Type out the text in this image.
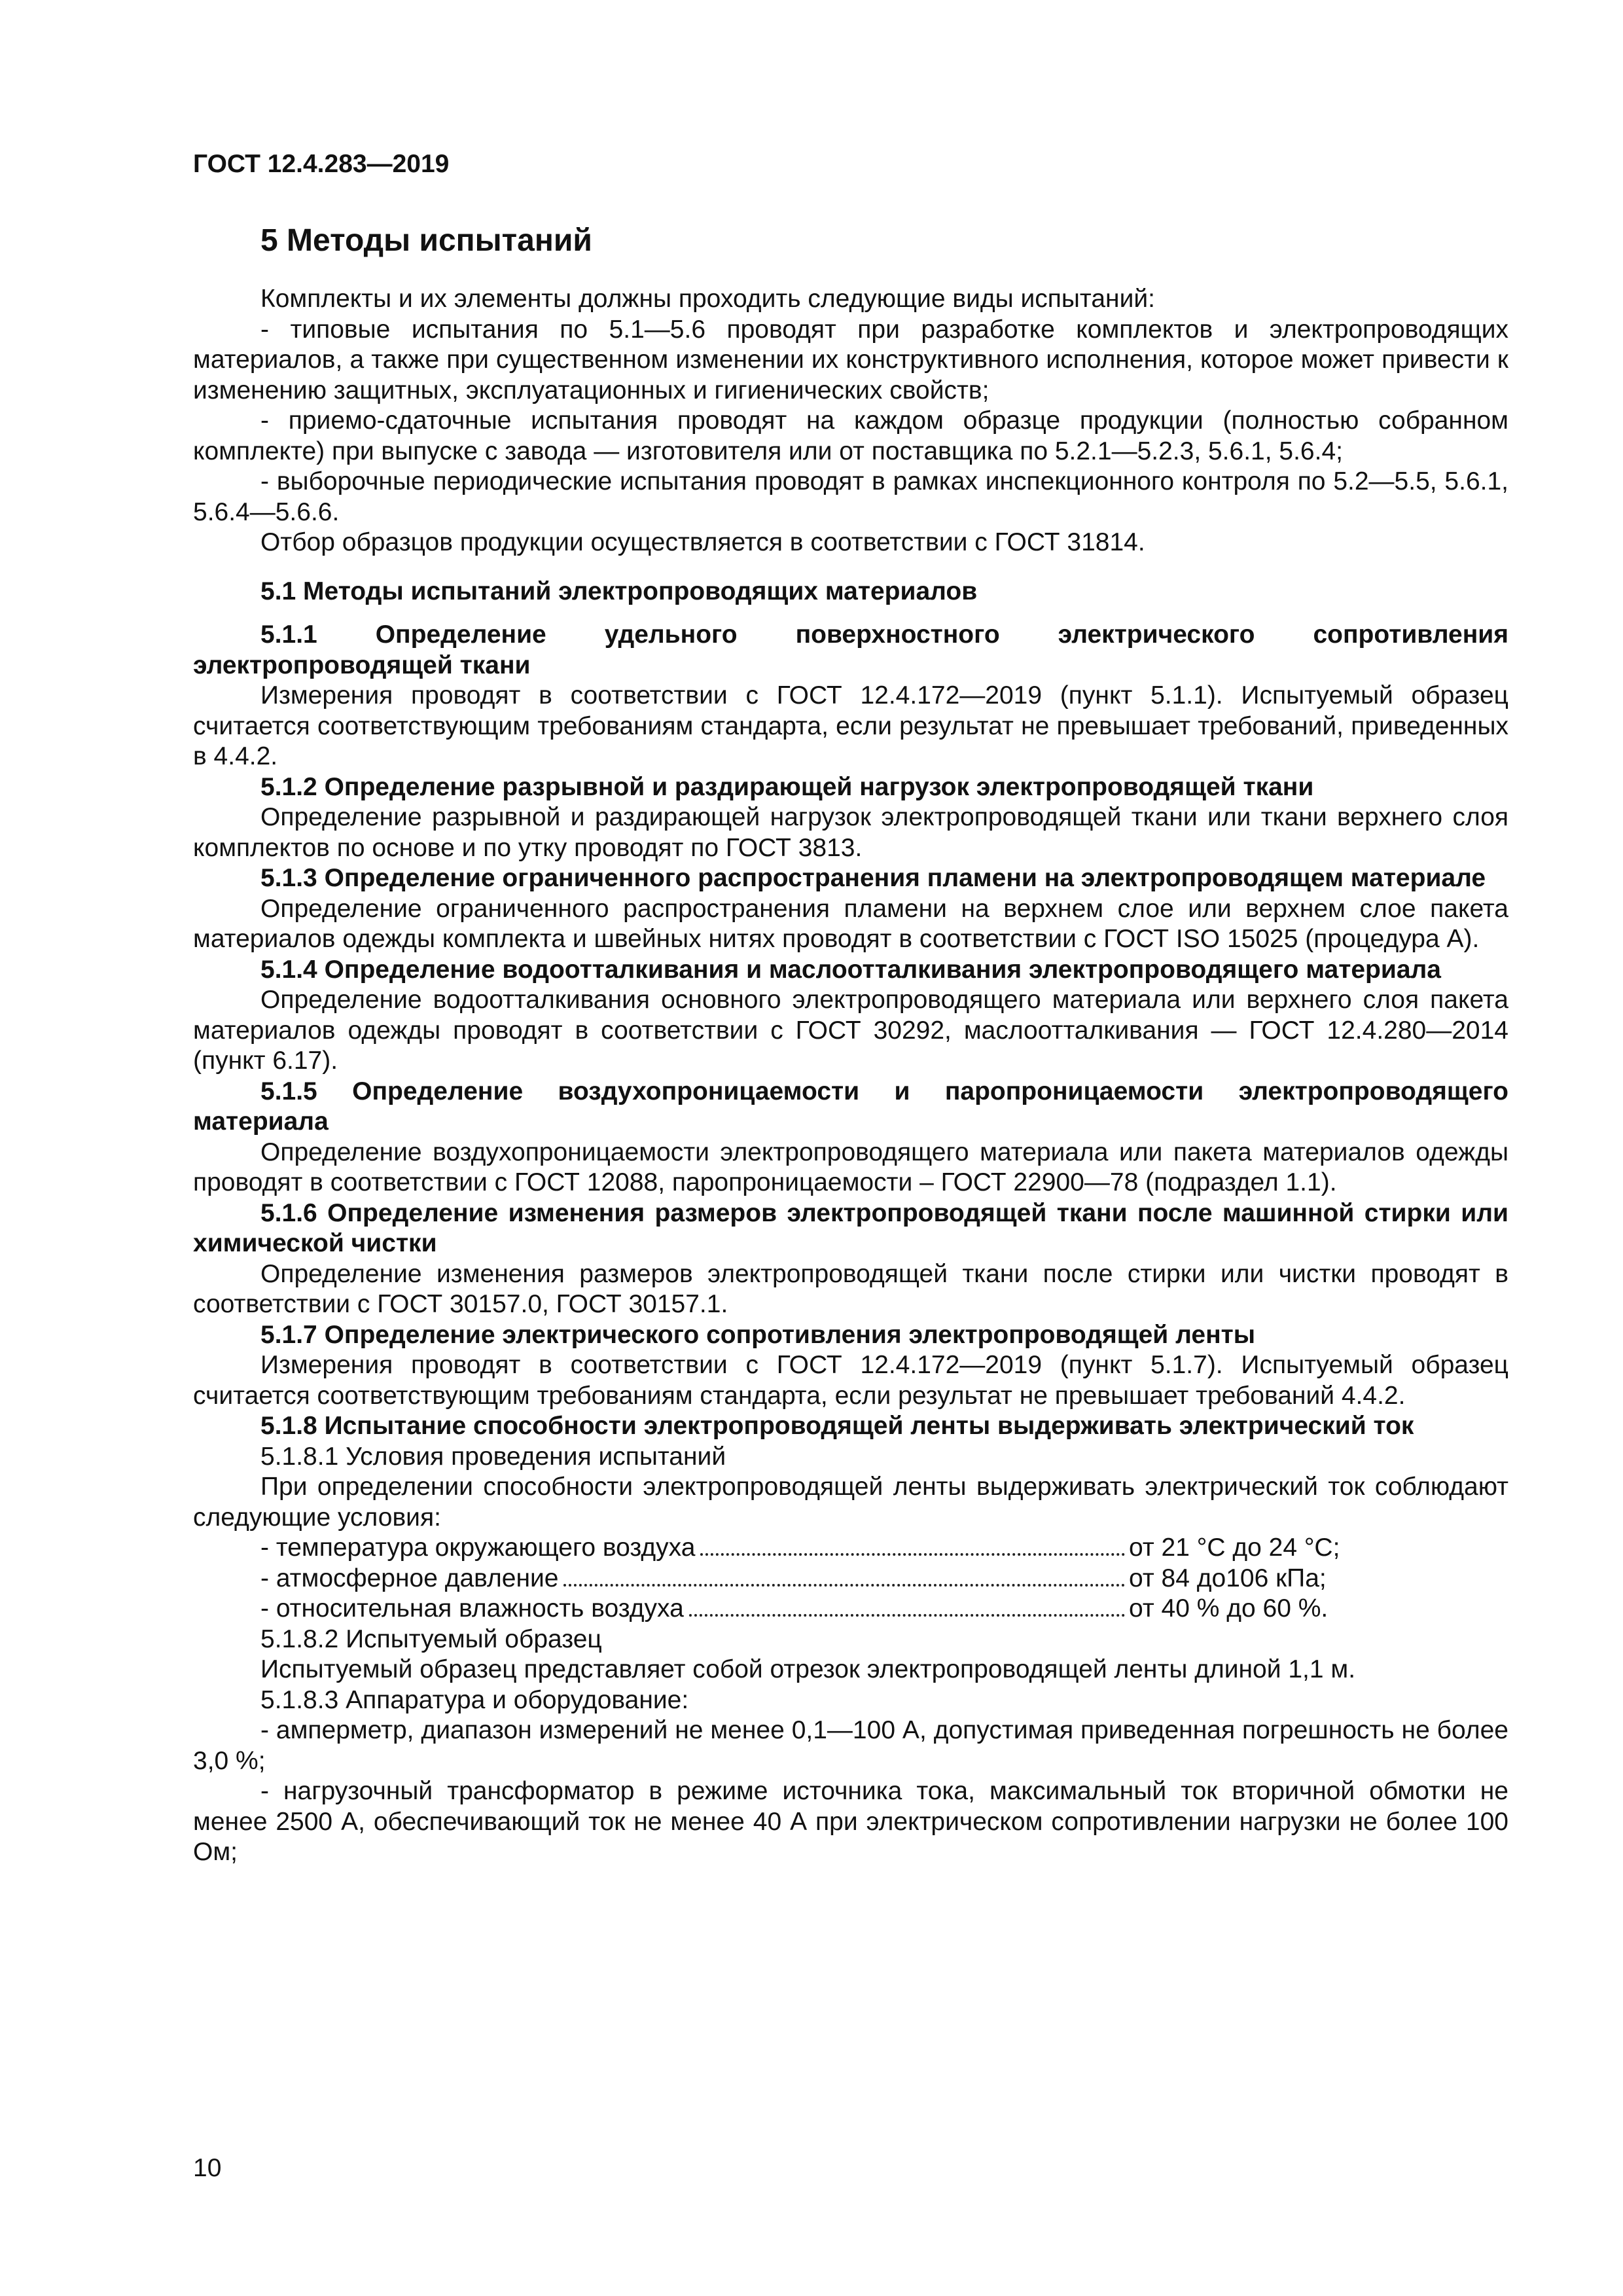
ГОСТ 12.4.283—2019
5 Методы испытаний

Комплекты и их элементы должны проходить следующие виды испытаний:

- типовые испытания по 5.1—5.6 проводят при разработке комплектов и электропроводящих материалов, а также при существенном изменении их конструктивного исполнения, которое может привести к изменению защитных, эксплуатационных и гигиенических свойств;

- приемо-сдаточные испытания проводят на каждом образце продукции (полностью собранном комплекте) при выпуске с завода — изготовителя или от поставщика по 5.2.1—5.2.3, 5.6.1, 5.6.4;

- выборочные периодические испытания проводят в рамках инспекционного контроля по 5.2—5.5, 5.6.1, 5.6.4—5.6.6.

Отбор образцов продукции осуществляется в соответствии с ГОСТ 31814.

5.1 Методы испытаний электропроводящих материалов

5.1.1 Определение удельного поверхностного электрического сопротивления электропроводящей ткани

Измерения проводят в соответствии с ГОСТ 12.4.172—2019 (пункт 5.1.1). Испытуемый образец считается соответствующим требованиям стандарта, если результат не превышает требований, приведенных в 4.4.2.

5.1.2 Определение разрывной и раздирающей нагрузок электропроводящей ткани

Определение разрывной и раздирающей нагрузок электропроводящей ткани или ткани верхнего слоя комплектов по основе и по утку проводят по ГОСТ 3813.

5.1.3 Определение ограниченного распространения пламени на электропроводящем материале

Определение ограниченного распространения пламени на верхнем слое или верхнем слое пакета материалов одежды комплекта и швейных нитях проводят в соответствии с ГОСТ ISO 15025 (процедура А).

5.1.4 Определение водоотталкивания и маслоотталкивания электропроводящего материала

Определение водоотталкивания основного электропроводящего материала или верхнего слоя пакета материалов одежды проводят в соответствии с ГОСТ 30292, маслоотталкивания — ГОСТ 12.4.280—2014 (пункт 6.17).

5.1.5 Определение воздухопроницаемости и паропроницаемости электропроводящего материала

Определение воздухопроницаемости электропроводящего материала или пакета материалов одежды проводят в соответствии с ГОСТ 12088, паропроницаемости – ГОСТ 22900—78 (подраздел 1.1).

5.1.6 Определение изменения размеров электропроводящей ткани после машинной стирки или химической чистки

Определение изменения размеров электропроводящей ткани после стирки или чистки проводят в соответствии с ГОСТ 30157.0, ГОСТ 30157.1.

5.1.7 Определение электрического сопротивления электропроводящей ленты

Измерения проводят в соответствии с ГОСТ 12.4.172—2019 (пункт 5.1.7). Испытуемый образец считается соответствующим требованиям стандарта, если результат не превышает требований 4.4.2.

5.1.8 Испытание способности электропроводящей ленты выдерживать электрический ток

5.1.8.1 Условия проведения испытаний

При определении способности электропроводящей ленты выдерживать электрический ток соблюдают следующие условия:

- температура окружающего воздуха	от 21 °С до 24 °С;
- атмосферное давление	от 84 до106 кПа;
- относительная влажность воздуха	от 40 % до 60 %.

5.1.8.2 Испытуемый образец

Испытуемый образец представляет собой отрезок электропроводящей ленты длиной 1,1 м.

5.1.8.3 Аппаратура и оборудование:

- амперметр, диапазон измерений не менее 0,1—100 А, допустимая приведенная погрешность не более 3,0 %;

- нагрузочный трансформатор в режиме источника тока, максимальный ток вторичной обмотки не менее 2500 А, обеспечивающий ток не менее 40 А при электрическом сопротивлении нагрузки не более 100 Ом;

10
